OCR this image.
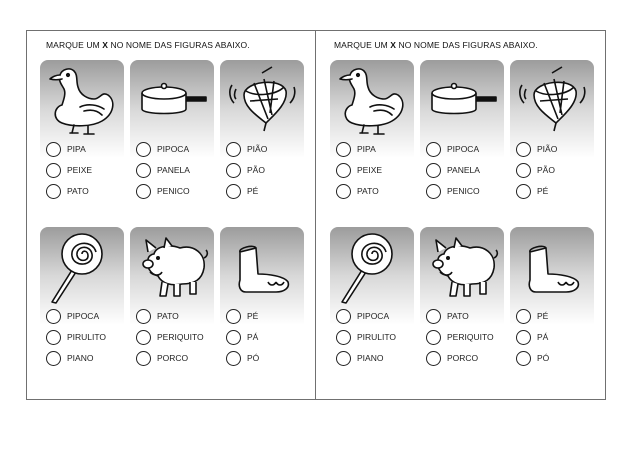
MARQUE UM X NO NOME DAS FIGURAS ABAIXO.
PIPA
PEIXE
PATO
PIPOCA
PANELA
PENICO
PIÃO
PÃO
PÉ
PIPOCA
PIRULITO
PIANO
PATO
PERIQUITO
PORCO
PÉ
PÁ
PÓ
MARQUE UM X NO NOME DAS FIGURAS ABAIXO.
PIPA
PEIXE
PATO
PIPOCA
PANELA
PENICO
PIÃO
PÃO
PÉ
PIPOCA
PIRULITO
PIANO
PATO
PERIQUITO
PORCO
PÉ
PÁ
PÓ
